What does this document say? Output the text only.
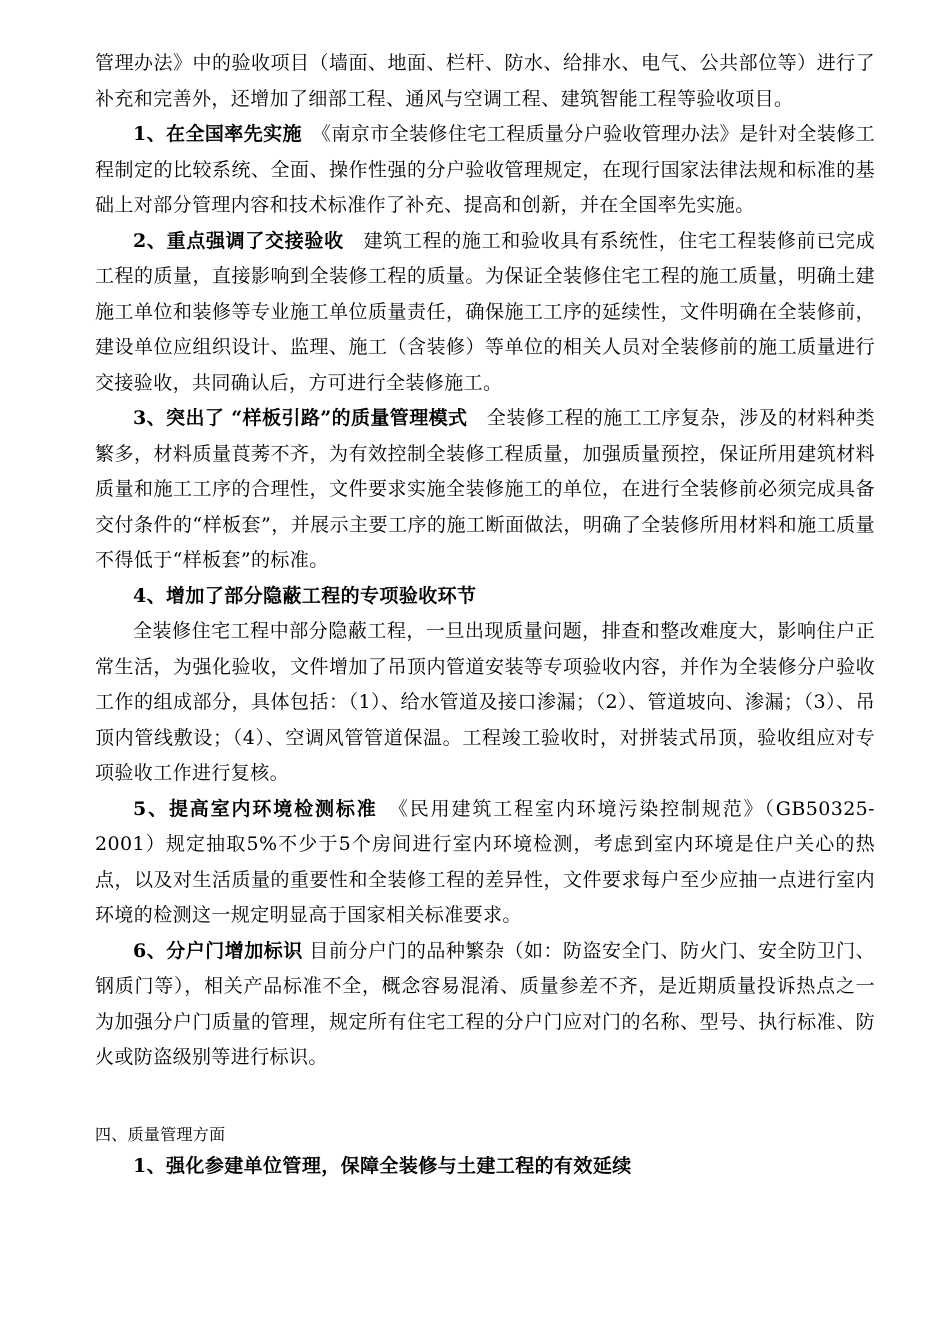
管理办法》中的验收项目（墙面、地面、栏杆、防水、给排水、电气、公共部位等）进行了补充和完善外，还增加了细部工程、通风与空调工程、建筑智能工程等验收项目。

1、在全国率先实施　《南京市全装修住宅工程质量分户验收管理办法》是针对全装修工程制定的比较系统、全面、操作性强的分户验收管理规定，在现行国家法律法规和标准的基础上对部分管理内容和技术标准作了补充、提高和创新，并在全国率先实施。

2、重点强调了交接验收　建筑工程的施工和验收具有系统性，住宅工程装修前已完成工程的质量，直接影响到全装修工程的质量。为保证全装修住宅工程的施工质量，明确土建施工单位和装修等专业施工单位质量责任，确保施工工序的延续性，文件明确在全装修前，建设单位应组织设计、监理、施工（含装修）等单位的相关人员对全装修前的施工质量进行交接验收，共同确认后，方可进行全装修施工。

3、突出了 “样板引路”的质量管理模式　全装修工程的施工工序复杂，涉及的材料种类繁多，材料质量莨莠不齐，为有效控制全装修工程质量，加强质量预控，保证所用建筑材料质量和施工工序的合理性，文件要求实施全装修施工的单位，在进行全装修前必须完成具备交付条件的“样板套”，并展示主要工序的施工断面做法，明确了全装修所用材料和施工质量不得低于“样板套”的标准。

4、增加了部分隐蔽工程的专项验收环节

全装修住宅工程中部分隐蔽工程，一旦出现质量问题，排查和整改难度大，影响住户正常生活，为强化验收，文件增加了吊顶内管道安装等专项验收内容，并作为全装修分户验收工作的组成部分，具体包括：（1）、给水管道及接口渗漏；（2）、管道坡向、渗漏；（3）、吊顶内管线敷设；（4）、空调风管管道保温。工程竣工验收时，对拼装式吊顶，验收组应对专项验收工作进行复核。

5、提高室内环境检测标准　《民用建筑工程室内环境污染控制规范》（GB50325-2001）规定抽取5%不少于5个房间进行室内环境检测，考虑到室内环境是住户关心的热点，以及对生活质量的重要性和全装修工程的差异性，文件要求每户至少应抽一点进行室内环境的检测这一规定明显高于国家相关标准要求。

6、分户门增加标识 目前分户门的品种繁杂（如：防盗安全门、防火门、安全防卫门、钢质门等），相关产品标准不全，概念容易混淆、质量参差不齐，是近期质量投诉热点之一为加强分户门质量的管理，规定所有住宅工程的分户门应对门的名称、型号、执行标准、防火或防盗级别等进行标识。

四、质量管理方面

1、强化参建单位管理，保障全装修与土建工程的有效延续
